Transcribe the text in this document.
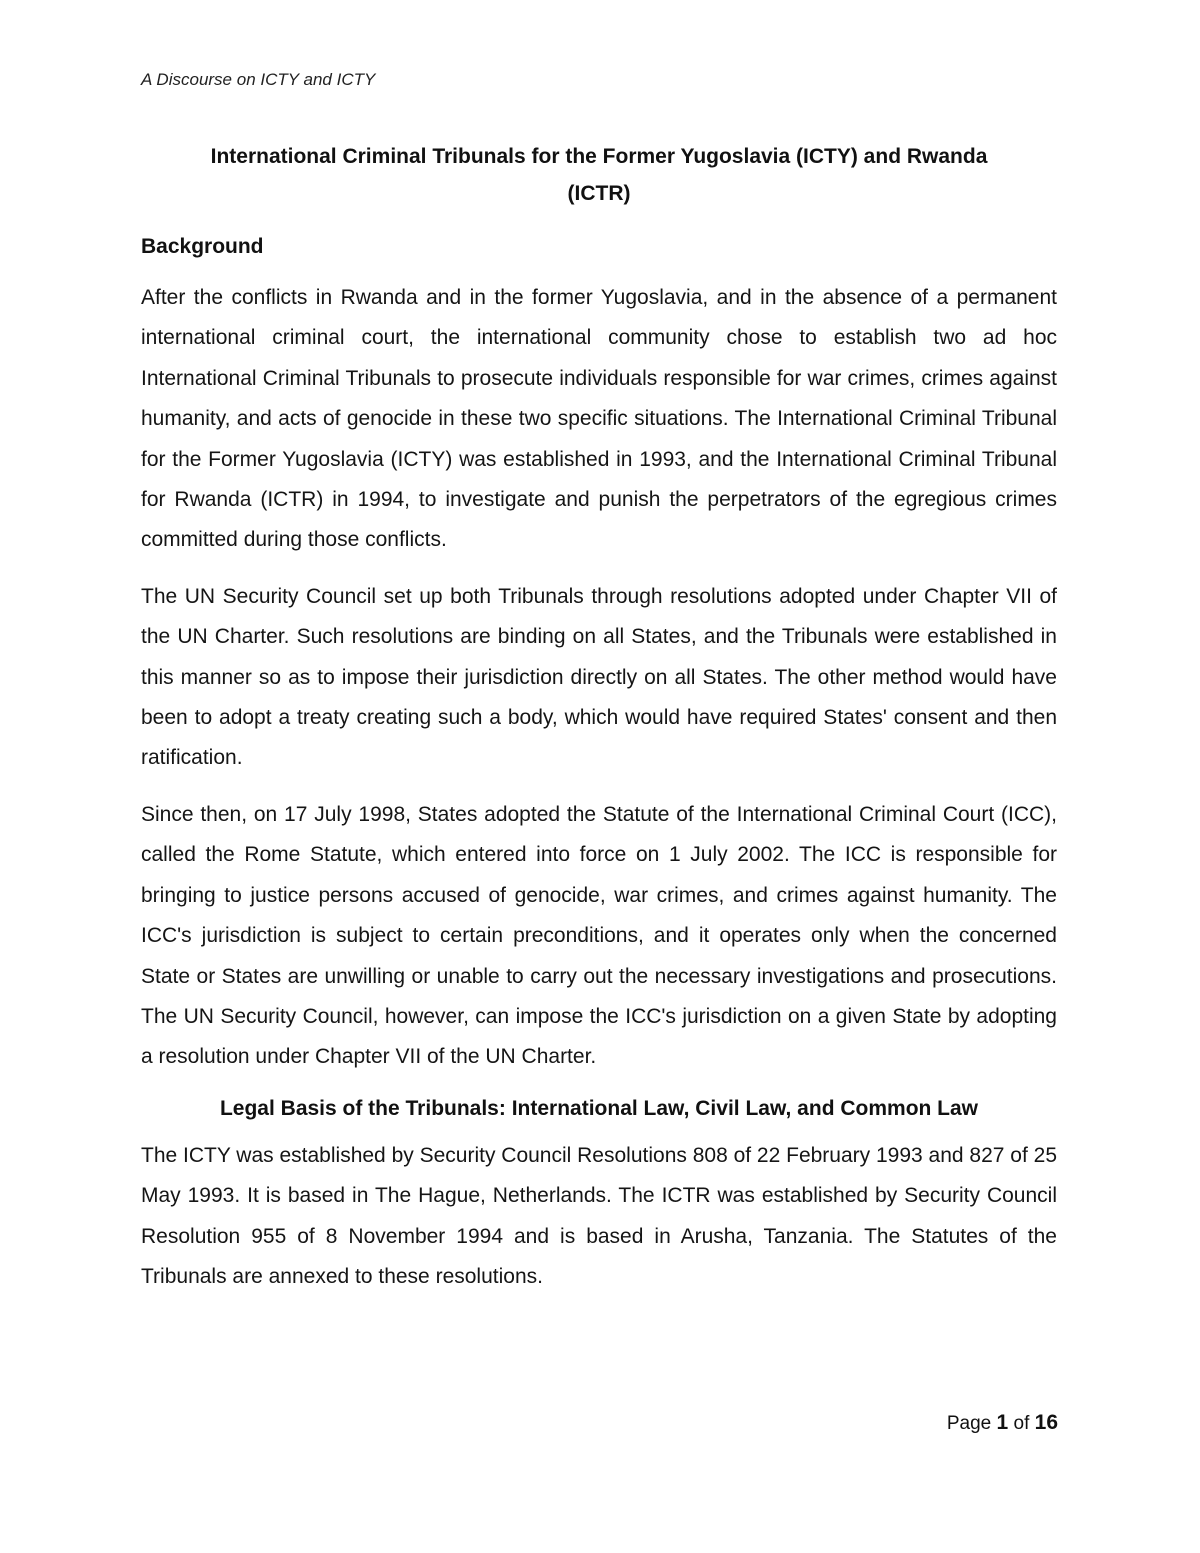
A Discourse on ICTY and ICTY
International Criminal Tribunals for the Former Yugoslavia (ICTY) and Rwanda
(ICTR)
Background

After the conflicts in Rwanda and in the former Yugoslavia, and in the absence of a permanent international criminal court, the international community chose to establish two ad hoc International Criminal Tribunals to prosecute individuals responsible for war crimes, crimes against humanity, and acts of genocide in these two specific situations. The International Criminal Tribunal for the Former Yugoslavia (ICTY) was established in 1993, and the International Criminal Tribunal for Rwanda (ICTR) in 1994, to investigate and punish the perpetrators of the egregious crimes committed during those conflicts.

The UN Security Council set up both Tribunals through resolutions adopted under Chapter VII of the UN Charter. Such resolutions are binding on all States, and the Tribunals were established in this manner so as to impose their jurisdiction directly on all States. The other method would have been to adopt a treaty creating such a body, which would have required States' consent and then ratification.

Since then, on 17 July 1998, States adopted the Statute of the International Criminal Court (ICC), called the Rome Statute, which entered into force on 1 July 2002. The ICC is responsible for bringing to justice persons accused of genocide, war crimes, and crimes against humanity. The ICC's jurisdiction is subject to certain preconditions, and it operates only when the concerned State or States are unwilling or unable to carry out the necessary investigations and prosecutions. The UN Security Council, however, can impose the ICC's jurisdiction on a given State by adopting a resolution under Chapter VII of the UN Charter.

Legal Basis of the Tribunals: International Law, Civil Law, and Common Law

The ICTY was established by Security Council Resolutions 808 of 22 February 1993 and 827 of 25 May 1993. It is based in The Hague, Netherlands. The ICTR was established by Security Council Resolution 955 of 8 November 1994 and is based in Arusha, Tanzania. The Statutes of the Tribunals are annexed to these resolutions.

Page 1 of 16
